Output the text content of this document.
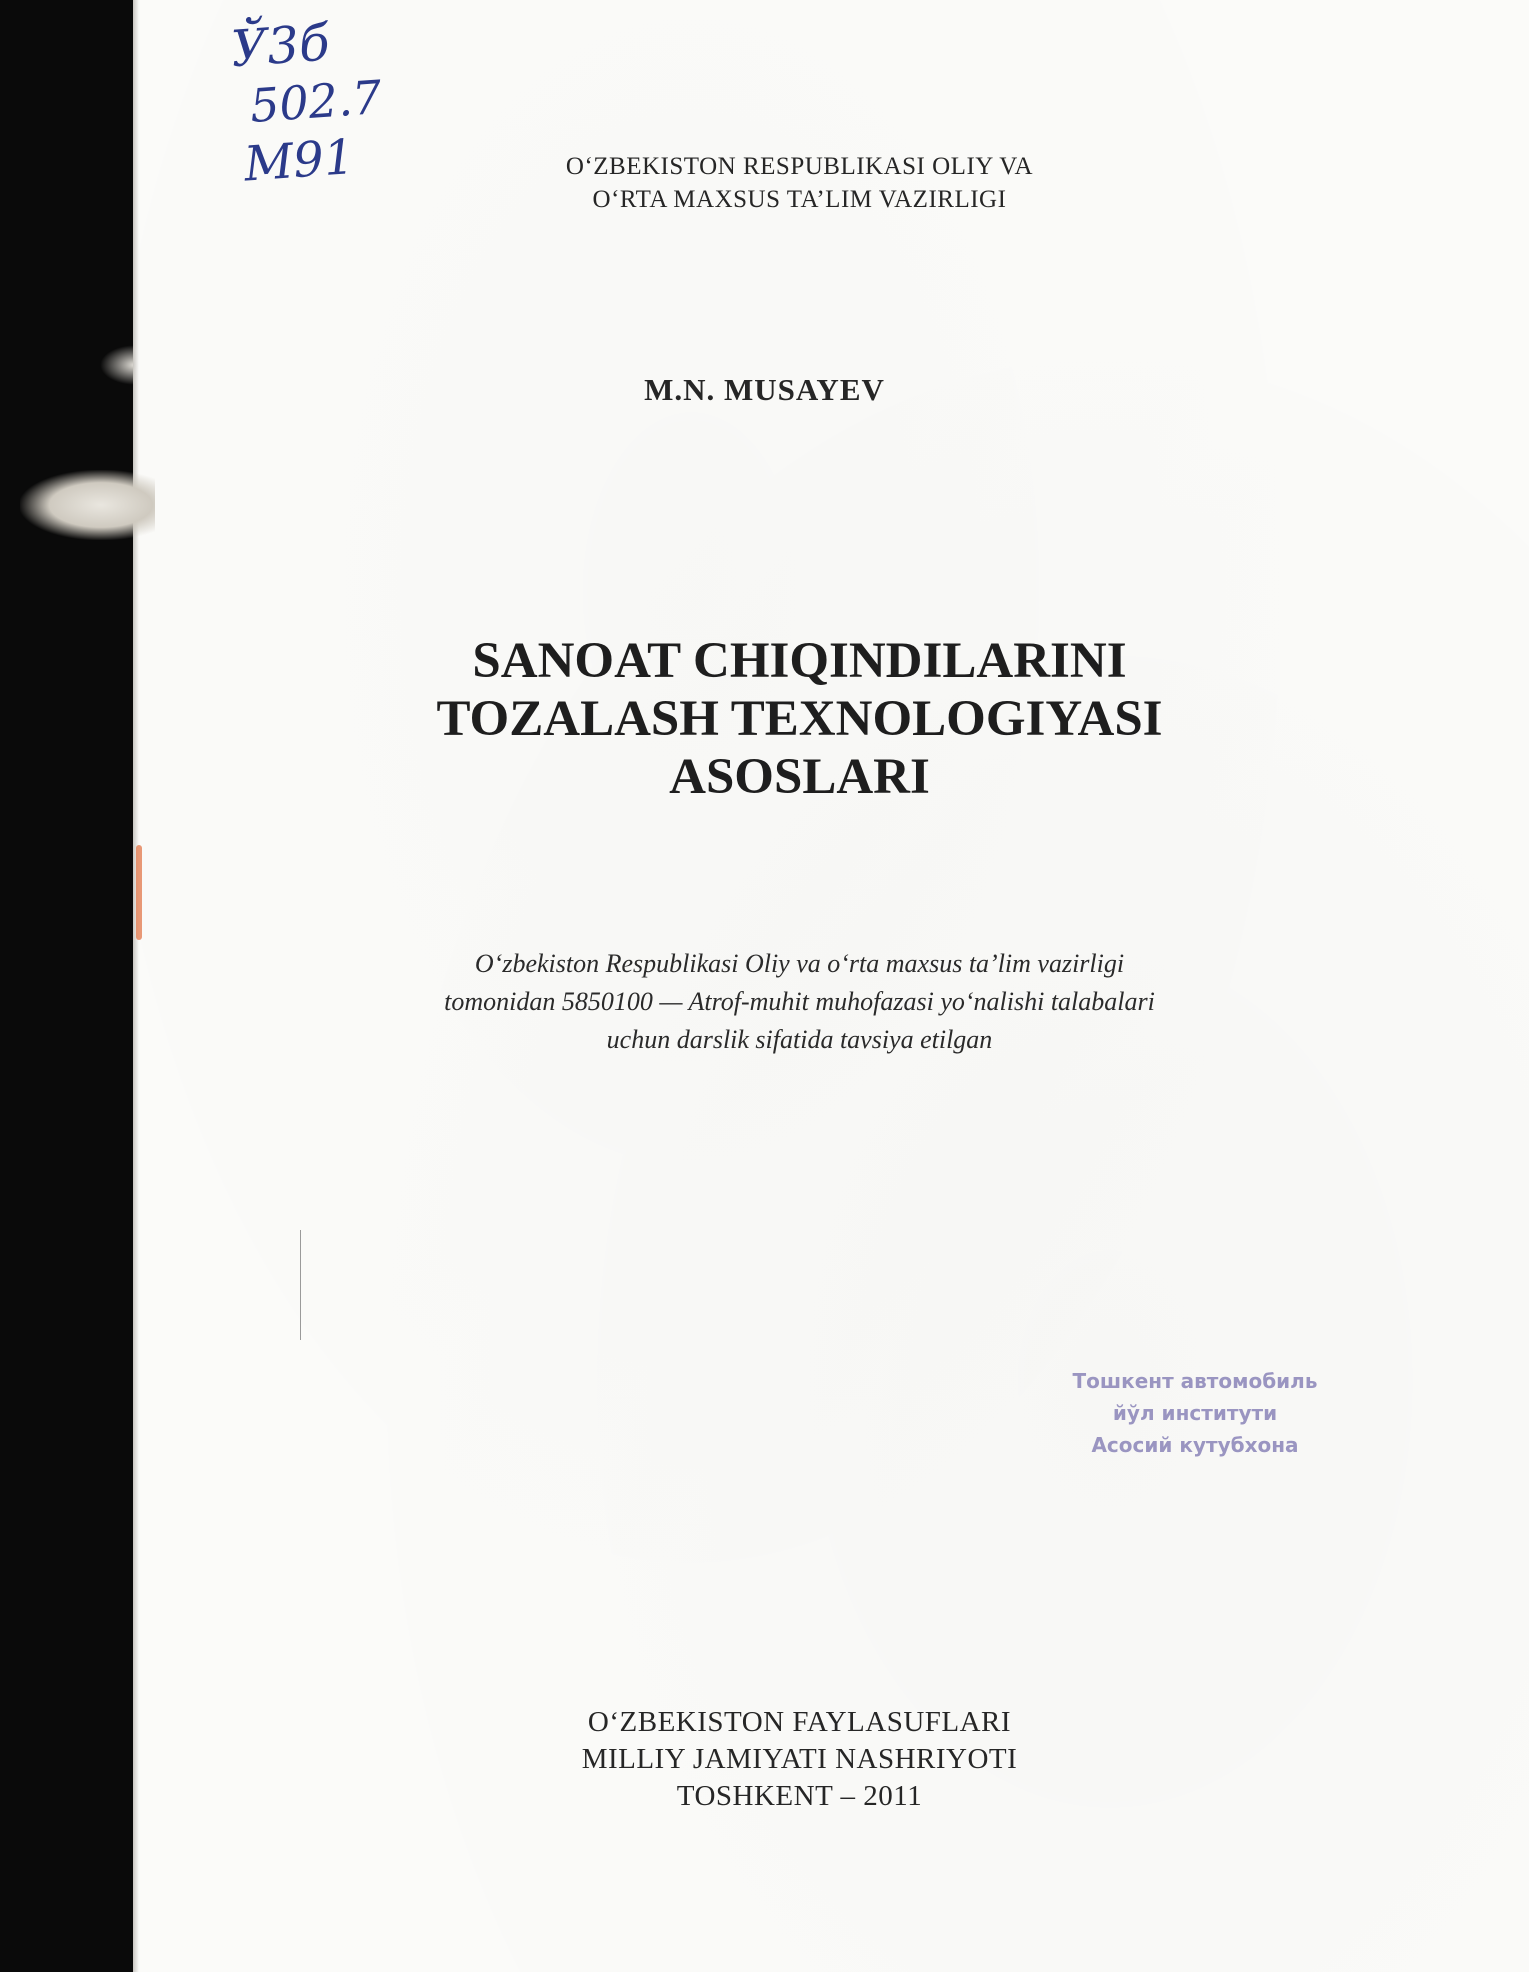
Ў3б
502.7
М91	O‘ZBEKISTON RESPUBLIKASI OLIY VA
O‘RTA MAXSUS TA’LIM VAZIRLIGI
M.N. MUSAYEV
SANOAT CHIQINDILARINI
TOZALASH TEXNOLOGIYASI
ASOSLARI
O‘zbekiston Respublikasi Oliy va o‘rta maxsus ta’lim vazirligi
tomonidan 5850100 — Atrof-muhit muhofazasi yo‘nalishi talabalari
uchun darslik sifatida tavsiya etilgan
Тошкент автомобиль
йўл институти
Асосий кутубхона
O‘ZBEKISTON FAYLASUFLARI
MILLIY JAMIYATI NASHRIYOTI
TOSHKENT – 2011
